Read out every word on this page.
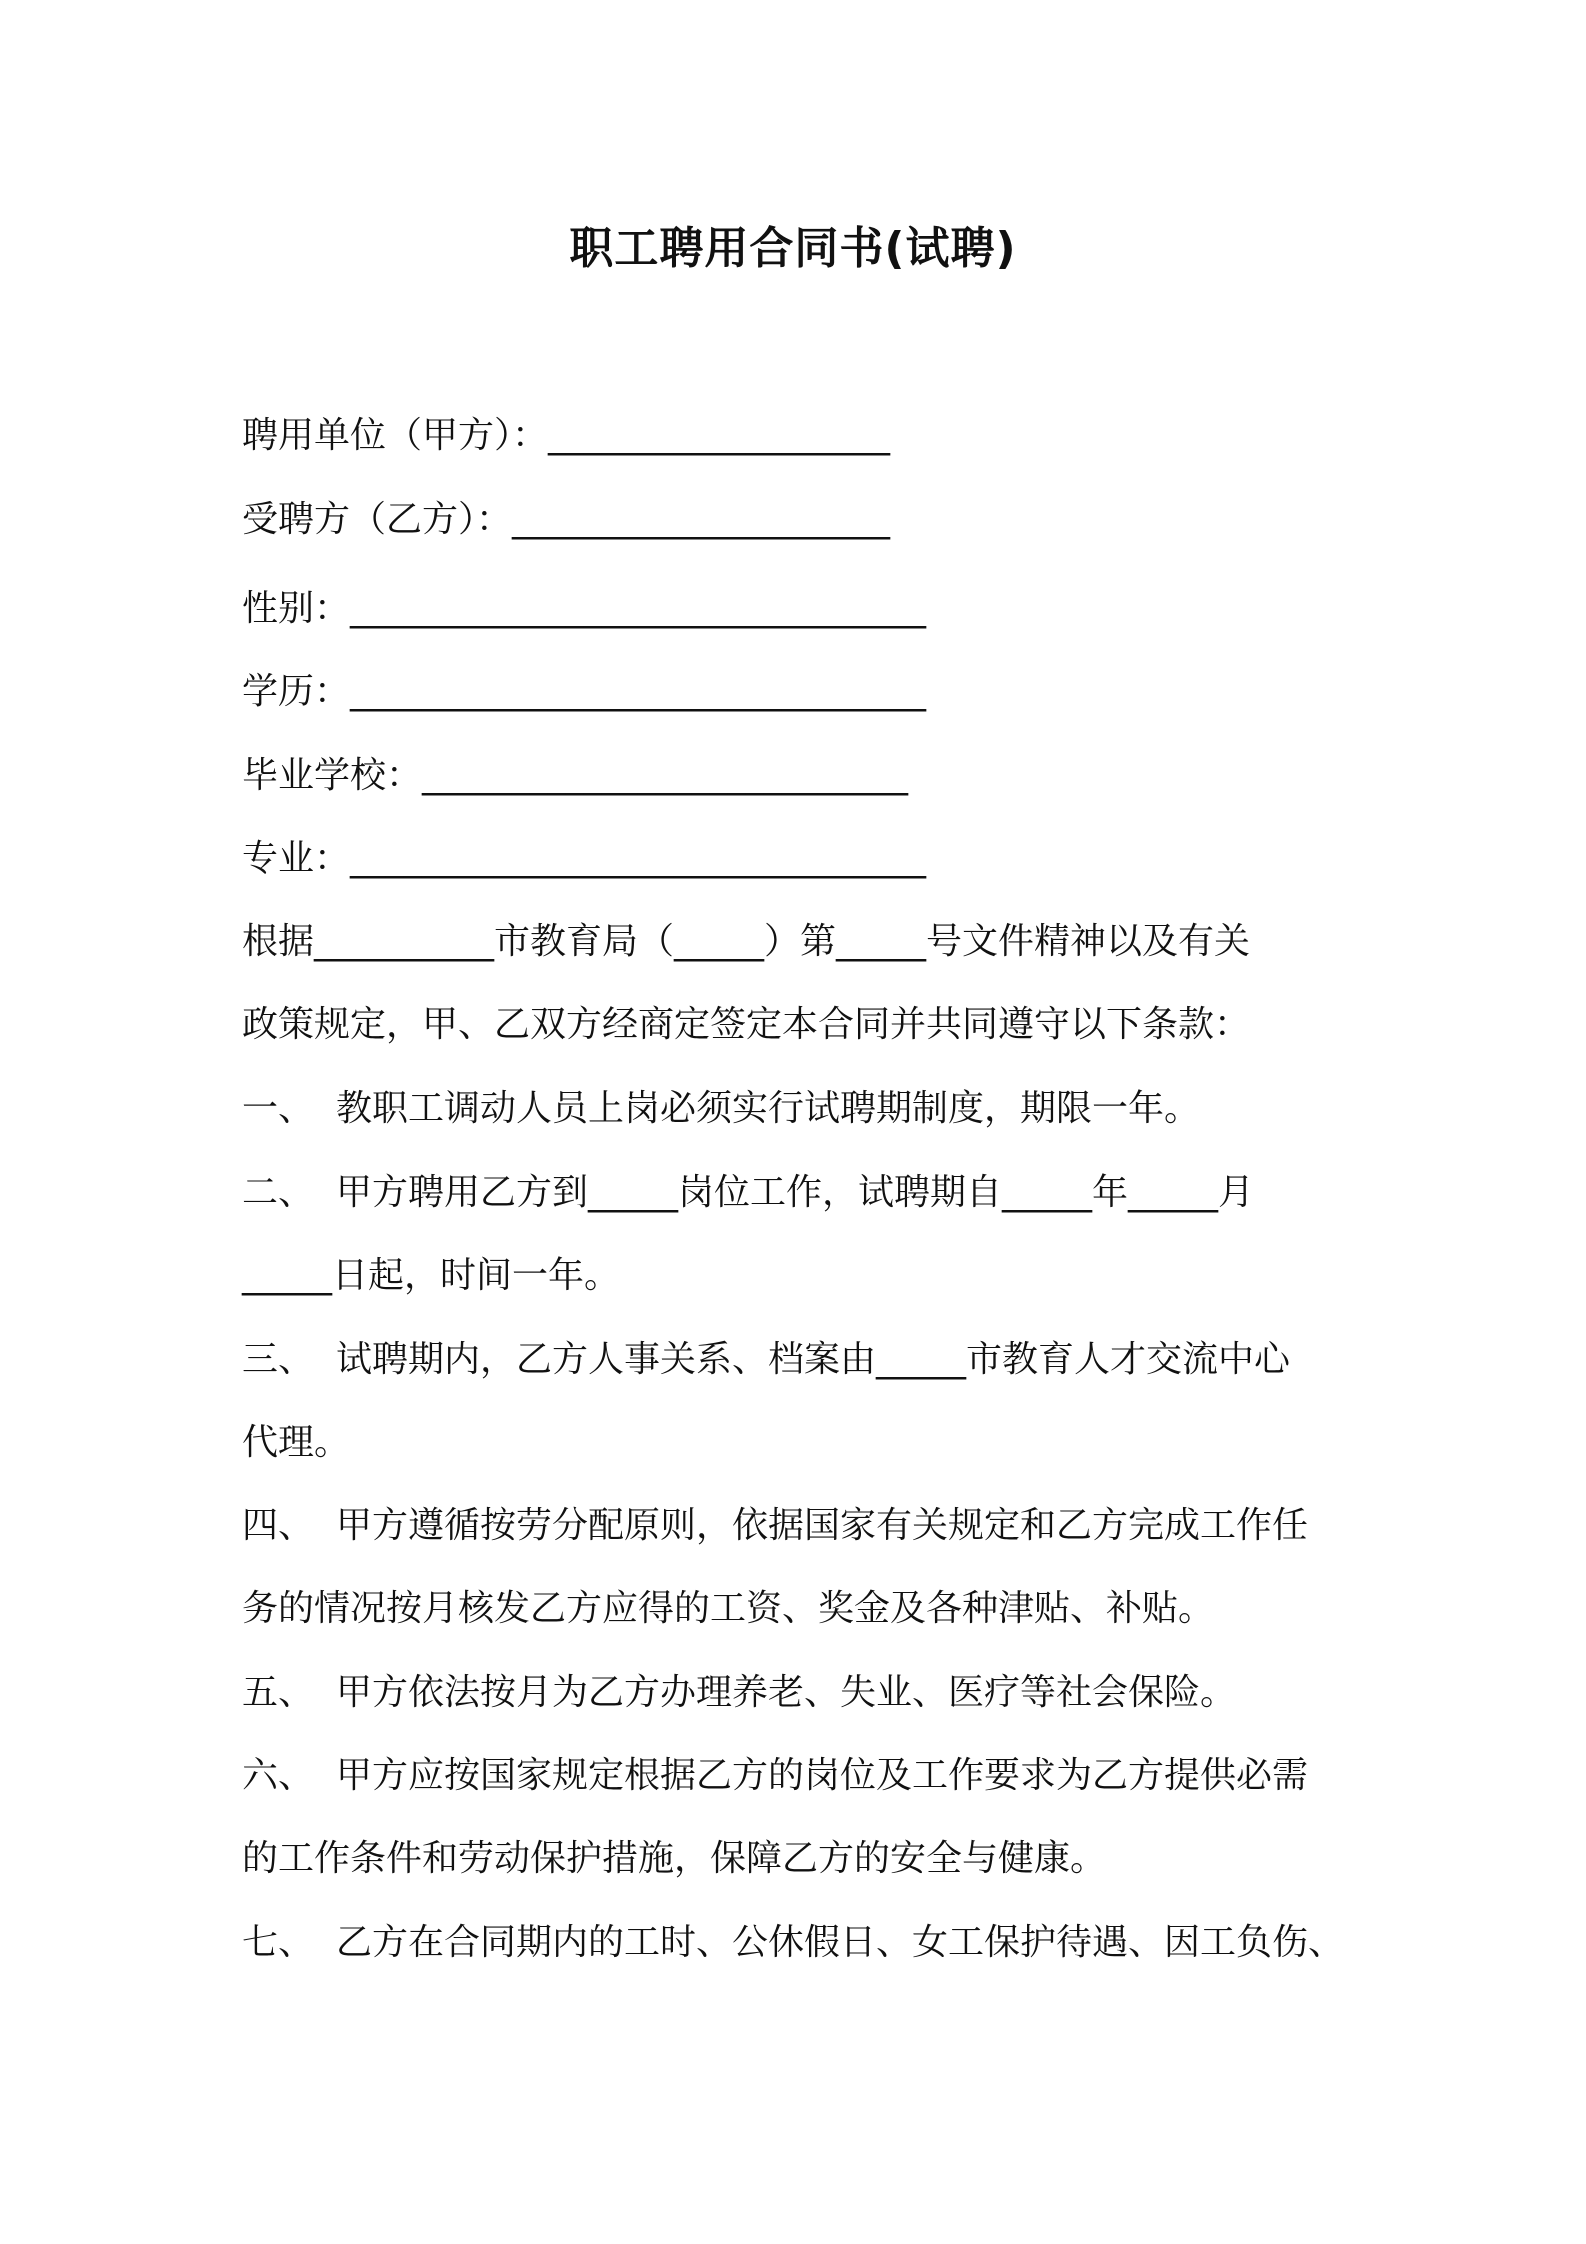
职工聘用合同书(试聘)
聘用单位（甲方）：___________________
受聘方（乙方）：_____________________
性别：________________________________
学历：________________________________
毕业学校：___________________________
专业：________________________________
根据__________市教育局（_____）第_____号文件精神以及有关
政策规定，甲、乙双方经商定签定本合同并共同遵守以下条款：
一、 教职工调动人员上岗必须实行试聘期制度，期限一年。
二、 甲方聘用乙方到_____岗位工作，试聘期自_____年_____月
_____日起，时间一年。
三、 试聘期内，乙方人事关系、档案由_____市教育人才交流中心
代理。
四、 甲方遵循按劳分配原则，依据国家有关规定和乙方完成工作任
务的情况按月核发乙方应得的工资、奖金及各种津贴、补贴。
五、 甲方依法按月为乙方办理养老、失业、医疗等社会保险。
六、 甲方应按国家规定根据乙方的岗位及工作要求为乙方提供必需
的工作条件和劳动保护措施，保障乙方的安全与健康。
七、 乙方在合同期内的工时、公休假日、女工保护待遇、因工负伤、
